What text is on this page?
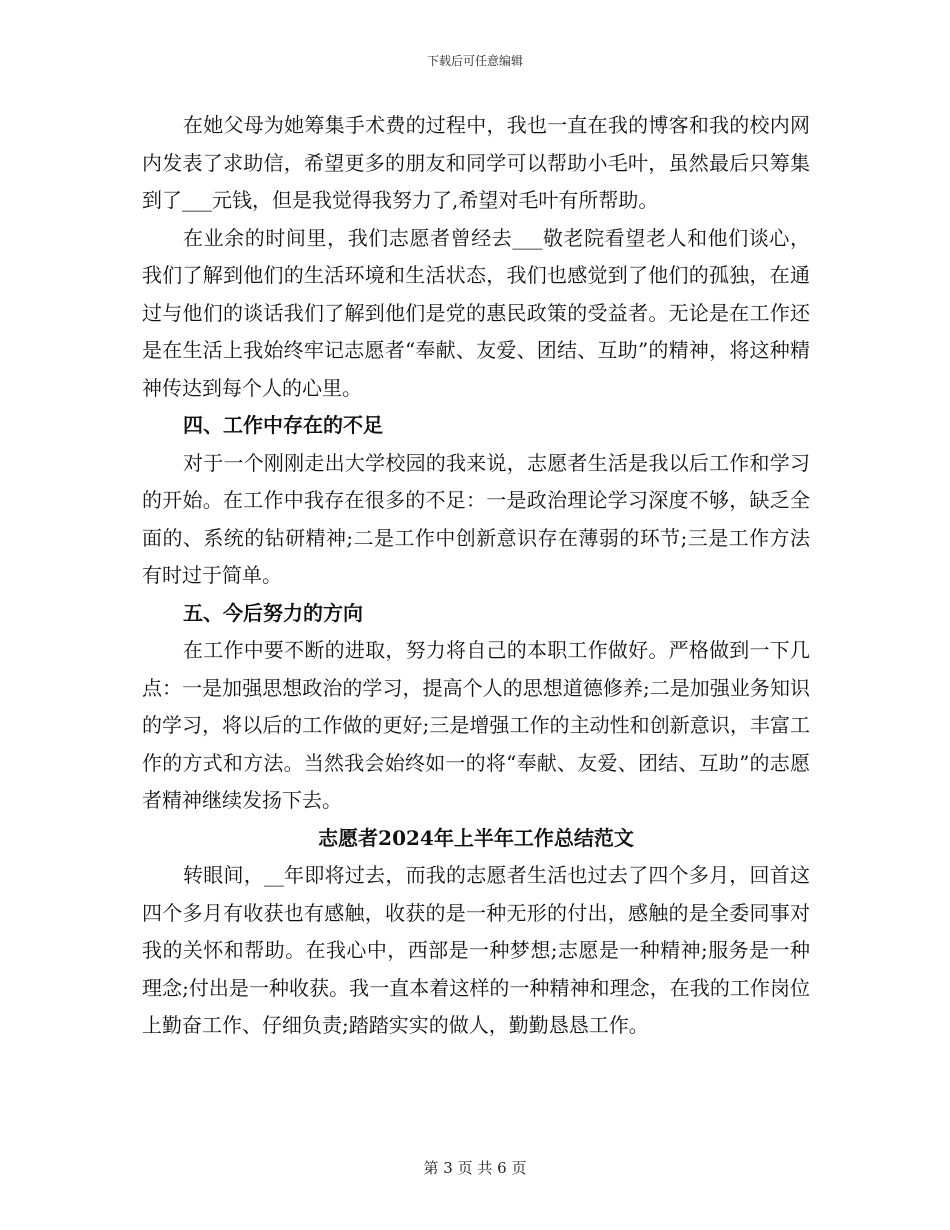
下载后可任意编辑

在她父母为她筹集手术费的过程中，我也一直在我的博客和我的校内网内发表了求助信，希望更多的朋友和同学可以帮助小毛叶，虽然最后只筹集到了___元钱，但是我觉得我努力了,希望对毛叶有所帮助。

在业余的时间里，我们志愿者曾经去___敬老院看望老人和他们谈心，我们了解到他们的生活环境和生活状态，我们也感觉到了他们的孤独，在通过与他们的谈话我们了解到他们是党的惠民政策的受益者。无论是在工作还是在生活上我始终牢记志愿者“奉献、友爱、团结、互助”的精神，将这种精神传达到每个人的心里。

四、工作中存在的不足

对于一个刚刚走出大学校园的我来说，志愿者生活是我以后工作和学习的开始。在工作中我存在很多的不足：一是政治理论学习深度不够，缺乏全面的、系统的钻研精神;二是工作中创新意识存在薄弱的环节;三是工作方法有时过于简单。

五、今后努力的方向

在工作中要不断的进取，努力将自己的本职工作做好。严格做到一下几点：一是加强思想政治的学习，提高个人的思想道德修养;二是加强业务知识的学习，将以后的工作做的更好;三是增强工作的主动性和创新意识，丰富工作的方式和方法。当然我会始终如一的将“奉献、友爱、团结、互助”的志愿者精神继续发扬下去。

志愿者2024年上半年工作总结范文

转眼间，__年即将过去，而我的志愿者生活也过去了四个多月，回首这四个多月有收获也有感触，收获的是一种无形的付出，感触的是全委同事对我的关怀和帮助。在我心中，西部是一种梦想;志愿是一种精神;服务是一种理念;付出是一种收获。我一直本着这样的一种精神和理念，在我的工作岗位上勤奋工作、仔细负责;踏踏实实的做人，勤勤恳恳工作。

第 3 页 共 6 页
